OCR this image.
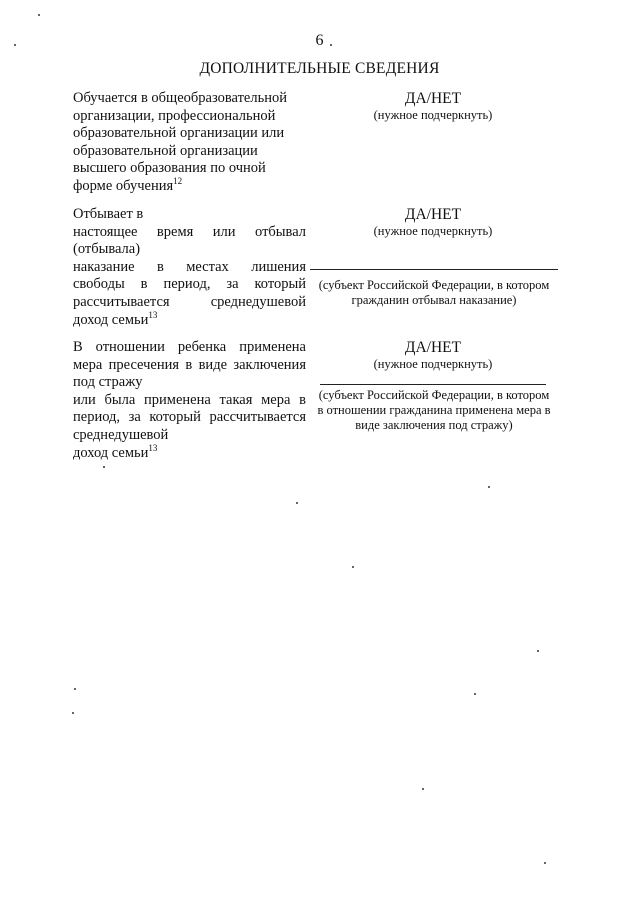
6
ДОПОЛНИТЕЛЬНЫЕ СВЕДЕНИЯ
Обучается в общеобразовательной
организации, профессиональной
образовательной организации или
образовательной организации
высшего образования по очной
форме обучения$^{12}$
ДА/НЕТ
(нужное подчеркнуть)
Отбывает в
настоящее время или отбывал
(отбывала)
наказание в местах лишения
свободы в период, за который
рассчитывается среднедушевой
доход семьи$^{13}$
ДА/НЕТ
(нужное подчеркнуть)
(субъект Российской Федерации, в котором
гражданин отбывал наказание)
В отношении ребенка применена
мера пресечения в виде заключения
под стражу
или была применена такая мера в
период, за который рассчитывается
среднедушевой
доход семьи$^{13}$
ДА/НЕТ
(нужное подчеркнуть)
(субъект Российской Федерации, в котором
в отношении гражданина применена мера в
виде заключения под стражу)
